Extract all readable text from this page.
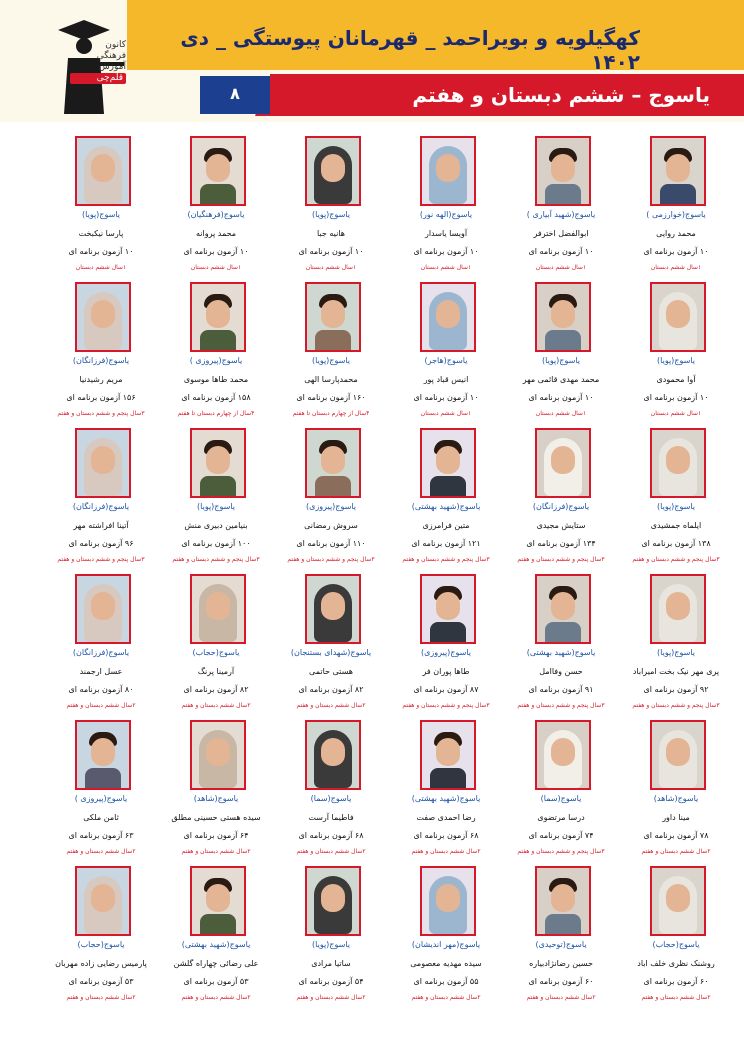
کانون
فرهنگی
آموزش
قلم‌چی
کهگیلویه و بویراحمد _ قهرمانان پیوستگی _ دی ۱۴۰۲
یاسوج – ششم دبستان و هفتم
۸
یاسوج(خوارزمی )
محمد روایی
۱۰ آزمون برنامه ای
۱سال ششم دبستان
یاسوج(شهید آبیاری )
ابوالفضل اخترفر
۱۰ آزمون برنامه ای
۱سال ششم دبستان
یاسوج(الهه نور)
آویسا یاسدار
۱۰ آزمون برنامه ای
۱سال ششم دبستان
یاسوج(پویا)
هانیه جبا
۱۰ آزمون برنامه ای
۱سال ششم دبستان
یاسوج(فرهنگیان)
محمد پروانه
۱۰ آزمون برنامه ای
۱سال ششم دبستان
یاسوج(پویا)
پارسا نیکبخت
۱۰ آزمون برنامه ای
۱سال ششم دبستان
یاسوج(پویا)
آوا محمودی
۱۰ آزمون برنامه ای
۱سال ششم دبستان
یاسوج(پویا)
محمد مهدی قائمی مهر
۱۰ آزمون برنامه ای
۱سال ششم دبستان
یاسوج(هاجر)
انیس قباد پور
۱۰ آزمون برنامه ای
۱سال ششم دبستان
یاسوج(پویا)
محمدپارسا الهی
۱۶۰ آزمون برنامه ای
۴سال از چهارم دبستان تا هفتم
یاسوج(پیروزی )
محمد طاها موسوی
۱۵۸ آزمون برنامه ای
۴سال از چهارم دبستان تا هفتم
یاسوج(فرزانگان)
مریم رشیدنیا
۱۵۶ آزمون برنامه ای
۳سال پنجم و ششم دبستان و هفتم
یاسوج(پویا)
ایلماه جمشیدی
۱۳۸ آزمون برنامه ای
۳سال پنجم و ششم دبستان و هفتم
یاسوج(فرزانگان)
ستایش مجیدی
۱۳۴ آزمون برنامه ای
۳سال پنجم و ششم دبستان و هفتم
یاسوج(شهید بهشتی)
متین فرامرزی
۱۲۱ آزمون برنامه ای
۳سال پنجم و ششم دبستان و هفتم
یاسوج(پیروزی)
سروش رمضانی
۱۱۰ آزمون برنامه ای
۳سال پنجم و ششم دبستان و هفتم
یاسوج(پویا)
بنیامین دبیری منش
۱۰۰ آزمون برنامه ای
۳سال پنجم و ششم دبستان و هفتم
یاسوج(فرزانگان)
آتینا افراشته مهر
۹۶ آزمون برنامه ای
۳سال پنجم و ششم دبستان و هفتم
یاسوج(پویا)
پری مهر نیک بخت امیراباد
۹۲ آزمون برنامه ای
۳سال پنجم و ششم دبستان و هفتم
یاسوج(شهید بهشتی)
حسن وفاامل
۹۱ آزمون برنامه ای
۳سال پنجم و ششم دبستان و هفتم
یاسوج(پیروزی)
طاها پوران فر
۸۷ آزمون برنامه ای
۳سال پنجم و ششم دبستان و هفتم
یاسوج(شهدای بستنجان)
هستی حاتمی
۸۲ آزمون برنامه ای
۲سال ششم دبستان و هفتم
یاسوج(حجاب)
آرمینا پرنگ
۸۲ آزمون برنامه ای
۲سال ششم دبستان و هفتم
یاسوج(فرزانگان)
عسل ارجمند
۸۰ آزمون برنامه ای
۲سال ششم دبستان و هفتم
یاسوج(شاهد)
مینا داور
۷۸ آزمون برنامه ای
۲سال ششم دبستان و هفتم
یاسوج(سما)
درسا مرتضوی
۷۴ آزمون برنامه ای
۳سال پنجم و ششم دبستان و هفتم
یاسوج(شهید بهشتی)
رضا احمدی صفت
۶۸ آزمون برنامه ای
۲سال ششم دبستان و هفتم
یاسوج(سما)
فاطیما آرست
۶۸ آزمون برنامه ای
۲سال ششم دبستان و هفتم
یاسوج(شاهد)
سیده هستی حسینی مطلق
۶۴ آزمون برنامه ای
۲سال ششم دبستان و هفتم
یاسوج(پیروزی )
ثامن ملکی
۶۳ آزمون برنامه ای
۲سال ششم دبستان و هفتم
یاسوج(حجاب)
روشنک نظری خلف اباد
۶۰ آزمون برنامه ای
۲سال ششم دبستان و هفتم
یاسوج(توحیدی)
حسین رضانژادبیاره
۶۰ آزمون برنامه ای
۲سال ششم دبستان و هفتم
یاسوج(مهر اندیشان)
سیده مهدیه معصومی
۵۵ آزمون برنامه ای
۲سال ششم دبستان و هفتم
یاسوج(پویا)
ساتیا مرادی
۵۴ آزمون برنامه ای
۲سال ششم دبستان و هفتم
یاسوج(شهید بهشتی)
علی رضائی چهاراه گلشن
۵۳ آزمون برنامه ای
۲سال ششم دبستان و هفتم
یاسوج(حجاب)
پارمیس رضایی زاده مهربان
۵۳ آزمون برنامه ای
۲سال ششم دبستان و هفتم
